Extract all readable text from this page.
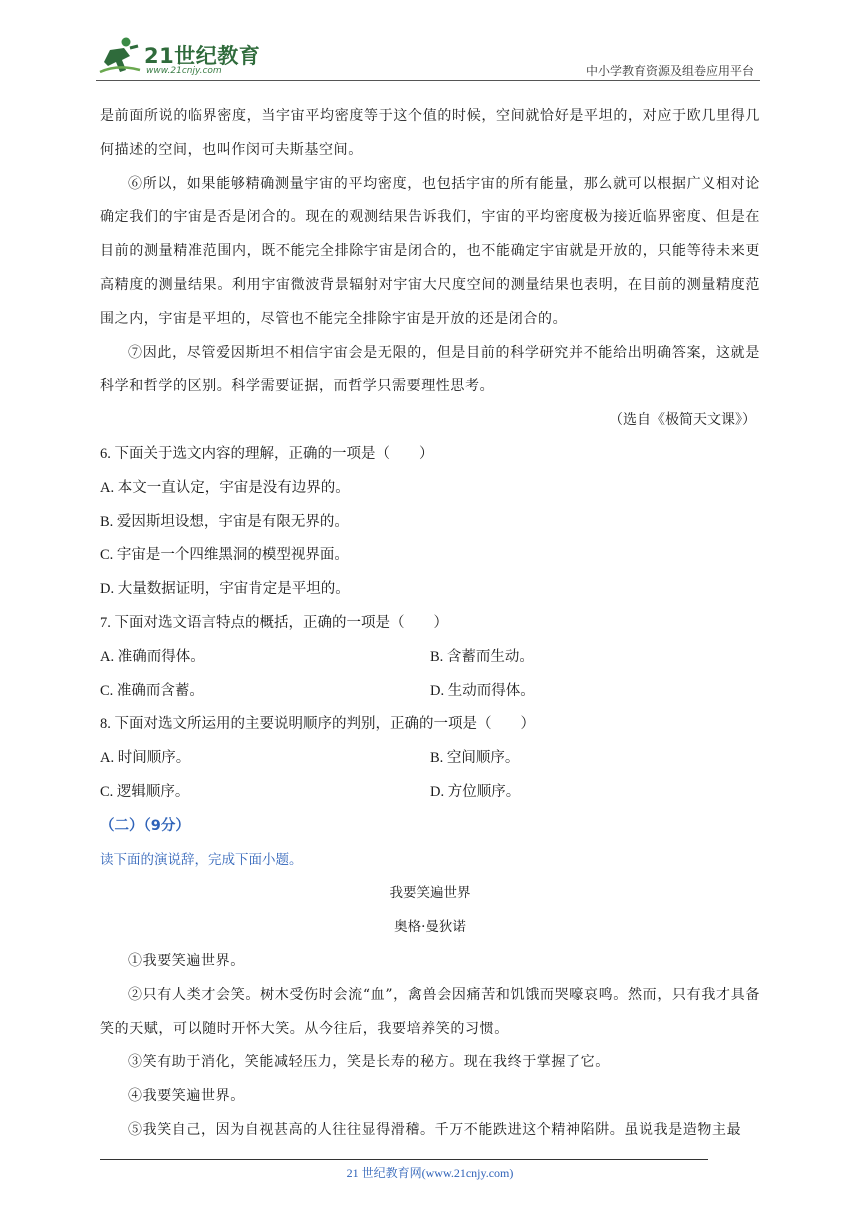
21世纪教育
www.21cnjy.com	中小学教育资源及组卷应用平台

是前面所说的临界密度，当宇宙平均密度等于这个值的时候，空间就恰好是平坦的，对应于欧几里得几何描述的空间，也叫作闵可夫斯基空间。

⑥所以，如果能够精确测量宇宙的平均密度，也包括宇宙的所有能量，那么就可以根据广义相对论确定我们的宇宙是否是闭合的。现在的观测结果告诉我们，宇宙的平均密度极为接近临界密度、但是在目前的测量精准范围内，既不能完全排除宇宙是闭合的，也不能确定宇宙就是开放的，只能等待未来更高精度的测量结果。利用宇宙微波背景辐射对宇宙大尺度空间的测量结果也表明，在目前的测量精度范围之内，宇宙是平坦的，尽管也不能完全排除宇宙是开放的还是闭合的。

⑦因此，尽管爱因斯坦不相信宇宙会是无限的，但是目前的科学研究并不能给出明确答案，这就是科学和哲学的区别。科学需要证据，而哲学只需要理性思考。

（选自《极简天文课》）

6. 下面关于选文内容的理解，正确的一项是（　　）

A. 本文一直认定，宇宙是没有边界的。

B. 爱因斯坦设想，宇宙是有限无界的。

C. 宇宙是一个四维黑洞的模型视界面。

D. 大量数据证明，宇宙肯定是平坦的。

7. 下面对选文语言特点的概括，正确的一项是（　　）

A. 准确而得体。	B. 含蓄而生动。
C. 准确而含蓄。	D. 生动而得体。

8. 下面对选文所运用的主要说明顺序的判别，正确的一项是（　　）

A. 时间顺序。	B. 空间顺序。
C. 逻辑顺序。	D. 方位顺序。

（二）（9分）

读下面的演说辞，完成下面小题。

我要笑遍世界

奥格·曼狄诺

①我要笑遍世界。

②只有人类才会笑。树木受伤时会流“血”，禽兽会因痛苦和饥饿而哭嚎哀鸣。然而，只有我才具备笑的天赋，可以随时开怀大笑。从今往后，我要培养笑的习惯。

③笑有助于消化，笑能减轻压力，笑是长寿的秘方。现在我终于掌握了它。

④我要笑遍世界。

⑤我笑自己，因为自视甚高的人往往显得滑稽。千万不能跌进这个精神陷阱。虽说我是造物主最

21 世纪教育网(www.21cnjy.com)
